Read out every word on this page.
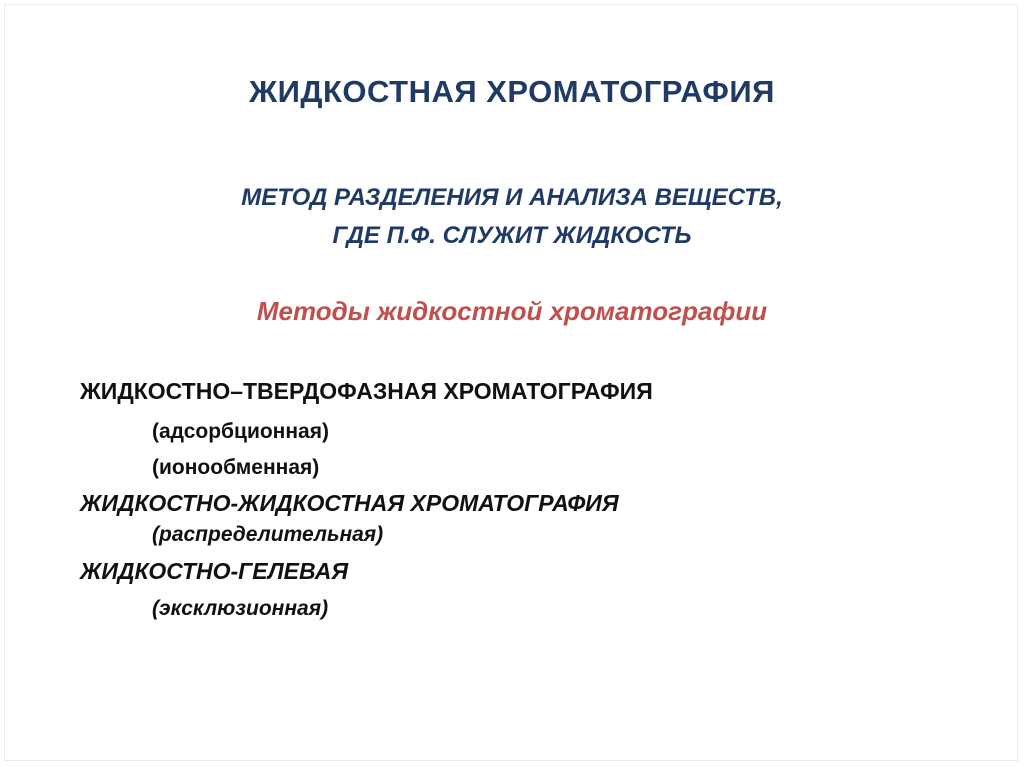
ЖИДКОСТНАЯ ХРОМАТОГРАФИЯ
МЕТОД РАЗДЕЛЕНИЯ И АНАЛИЗА ВЕЩЕСТВ,
ГДЕ П.Ф. СЛУЖИТ ЖИДКОСТЬ
Методы жидкостной хроматографии
ЖИДКОСТНО–ТВЕРДОФАЗНАЯ ХРОМАТОГРАФИЯ
(адсорбционная)
(ионообменная)
ЖИДКОСТНО-ЖИДКОСТНАЯ ХРОМАТОГРАФИЯ
(распределительная)
ЖИДКОСТНО-ГЕЛЕВАЯ
(эксклюзионная)
